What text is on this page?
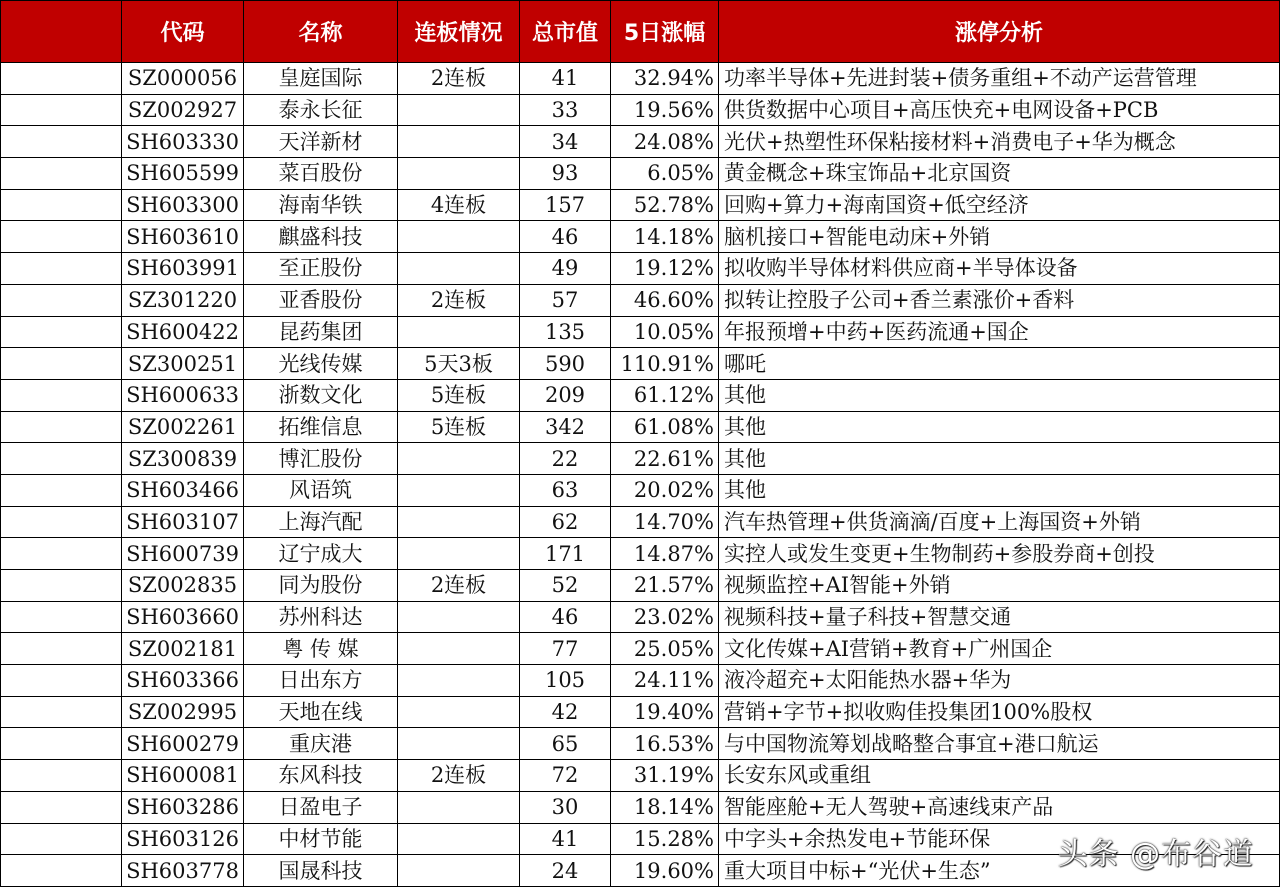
	代码	名称	连板情况	总市值	5日涨幅	涨停分析
	SZ000056	皇庭国际	2连板	41	32.94%	功率半导体+先进封装+债务重组+不动产运营管理
	SZ002927	泰永长征		33	19.56%	供货数据中心项目+高压快充+电网设备+PCB
	SH603330	天洋新材		34	24.08%	光伏+热塑性环保粘接材料+消费电子+华为概念
	SH605599	菜百股份		93	6.05%	黄金概念+珠宝饰品+北京国资
	SH603300	海南华铁	4连板	157	52.78%	回购+算力+海南国资+低空经济
	SH603610	麒盛科技		46	14.18%	脑机接口+智能电动床+外销
	SH603991	至正股份		49	19.12%	拟收购半导体材料供应商+半导体设备
	SZ301220	亚香股份	2连板	57	46.60%	拟转让控股子公司+香兰素涨价+香料
	SH600422	昆药集团		135	10.05%	年报预增+中药+医药流通+国企
	SZ300251	光线传媒	5天3板	590	110.91%	哪吒
	SH600633	浙数文化	5连板	209	61.12%	其他
	SZ002261	拓维信息	5连板	342	61.08%	其他
	SZ300839	博汇股份		22	22.61%	其他
	SH603466	风语筑		63	20.02%	其他
	SH603107	上海汽配		62	14.70%	汽车热管理+供货滴滴/百度+上海国资+外销
	SH600739	辽宁成大		171	14.87%	实控人或发生变更+生物制药+参股券商+创投
	SZ002835	同为股份	2连板	52	21.57%	视频监控+AI智能+外销
	SH603660	苏州科达		46	23.02%	视频科技+量子科技+智慧交通
	SZ002181	粤 传 媒		77	25.05%	文化传媒+AI营销+教育+广州国企
	SH603366	日出东方		105	24.11%	液冷超充+太阳能热水器+华为
	SZ002995	天地在线		42	19.40%	营销+字节+拟收购佳投集团100%股权
	SH600279	重庆港		65	16.53%	与中国物流筹划战略整合事宜+港口航运
	SH600081	东风科技	2连板	72	31.19%	长安东风或重组
	SH603286	日盈电子		30	18.14%	智能座舱+无人驾驶+高速线束产品
	SH603126	中材节能		41	15.28%	中字头+余热发电+节能环保
	SH603778	国晟科技		24	19.60%	重大项目中标+“光伏+生态” 头条 @布谷道
